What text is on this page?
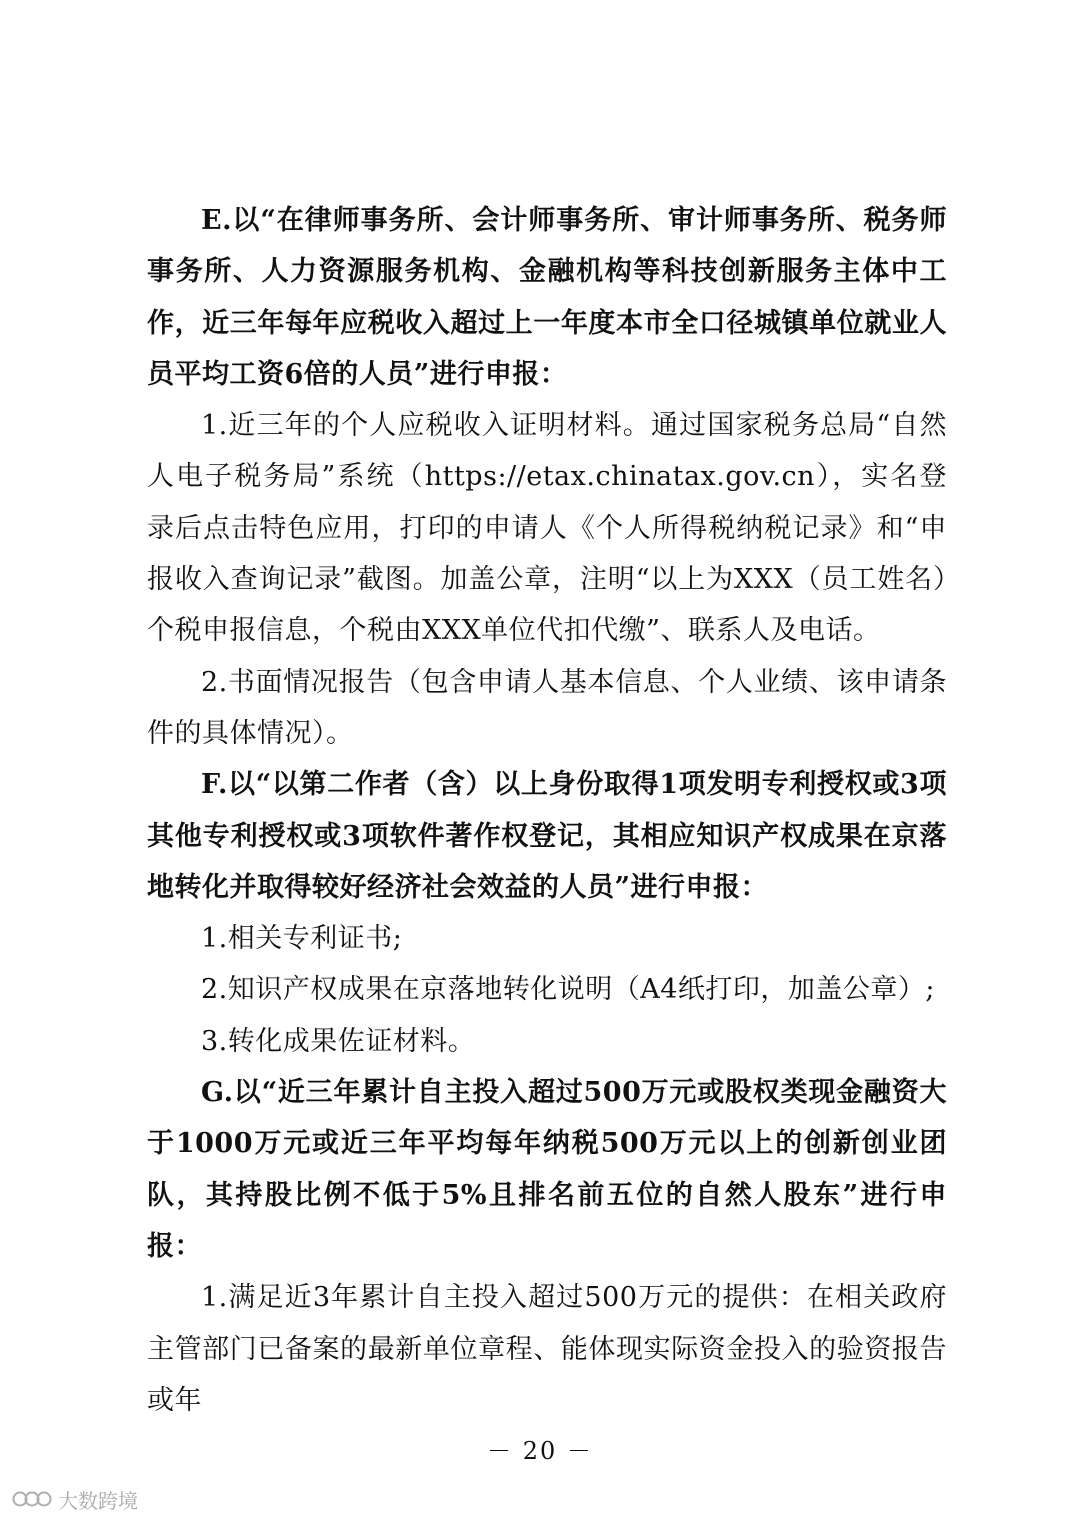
E.以“在律师事务所、会计师事务所、审计师事务所、税务师事务所、人力资源服务机构、金融机构等科技创新服务主体中工作，近三年每年应税收入超过上一年度本市全口径城镇单位就业人员平均工资6倍的人员”进行申报：

1.近三年的个人应税收入证明材料。通过国家税务总局“自然人电子税务局”系统（https://etax.chinatax.gov.cn），实名登录后点击特色应用，打印的申请人《个人所得税纳税记录》和“申报收入查询记录”截图。加盖公章，注明“以上为XXX（员工姓名）个税申报信息，个税由XXX单位代扣代缴”、联系人及电话。

2.书面情况报告（包含申请人基本信息、个人业绩、该申请条件的具体情况）。

F.以“以第二作者（含）以上身份取得1项发明专利授权或3项其他专利授权或3项软件著作权登记，其相应知识产权成果在京落地转化并取得较好经济社会效益的人员”进行申报：

1.相关专利证书;

2.知识产权成果在京落地转化说明（A4纸打印，加盖公章）;

3.转化成果佐证材料。

G.以“近三年累计自主投入超过500万元或股权类现金融资大于1000万元或近三年平均每年纳税500万元以上的创新创业团队，其持股比例不低于5%且排名前五位的自然人股东”进行申报：

1.满足近3年累计自主投入超过500万元的提供：在相关政府主管部门已备案的最新单位章程、能体现实际资金投入的验资报告或年

－ 20 －
大数跨境
